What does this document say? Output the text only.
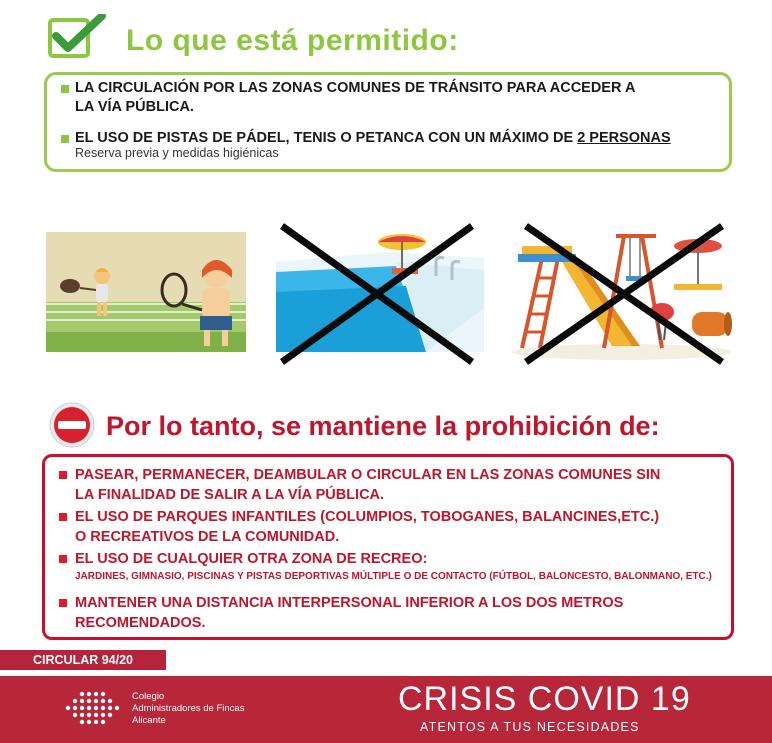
Lo que está permitido:
LA CIRCULACIÓN POR LAS ZONAS COMUNES DE TRÁNSITO PARA ACCEDER A
LA VÍA PÚBLICA.
EL USO DE PISTAS DE PÁDEL, TENIS O PETANCA CON UN MÁXIMO DE 2 PERSONAS
Reserva previa y medidas higiénicas
Por lo tanto, se mantiene la prohibición de:
PASEAR, PERMANECER, DEAMBULAR O CIRCULAR EN LAS ZONAS COMUNES SIN
LA FINALIDAD DE SALIR A LA VÍA PÚBLICA.
EL USO DE PARQUES INFANTILES (COLUMPIOS, TOBOGANES, BALANCINES,ETC.)
O RECREATIVOS DE LA COMUNIDAD.
EL USO DE CUALQUIER OTRA ZONA DE RECREO:
JARDINES, GIMNASIO, PISCINAS Y PISTAS DEPORTIVAS MÚLTIPLE O DE CONTACTO (FÚTBOL, BALONCESTO, BALONMANO, ETC.)
MANTENER UNA DISTANCIA INTERPERSONAL INFERIOR A LOS DOS METROS
RECOMENDADOS.
CIRCULAR 94/20
Colegio
Administradores de Fincas
Alicante
CRISIS COVID 19
ATENTOS A TUS NECESIDADES
